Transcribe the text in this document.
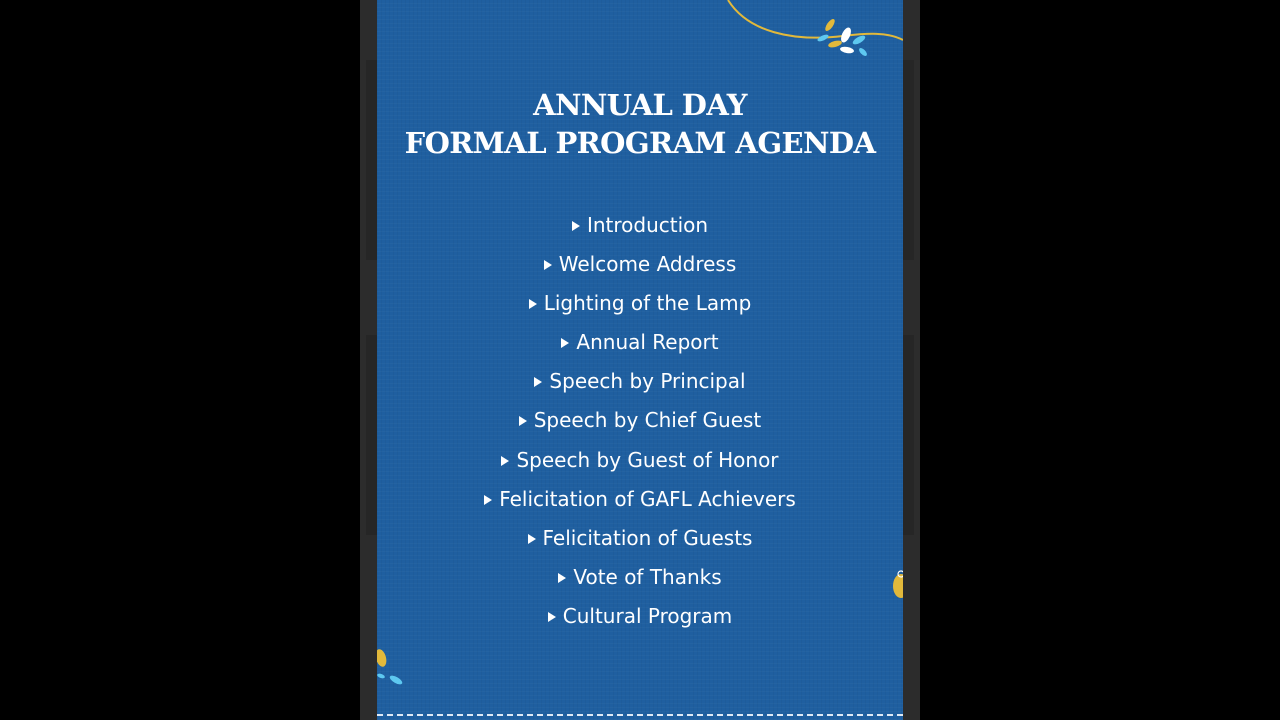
ANNUAL DAY
FORMAL PROGRAM AGENDA
Introduction
Welcome Address
Lighting of the Lamp
Annual Report
Speech by Principal
Speech by Chief Guest
Speech by Guest of Honor
Felicitation of GAFL Achievers
Felicitation of Guests
Vote of Thanks
Cultural Program
